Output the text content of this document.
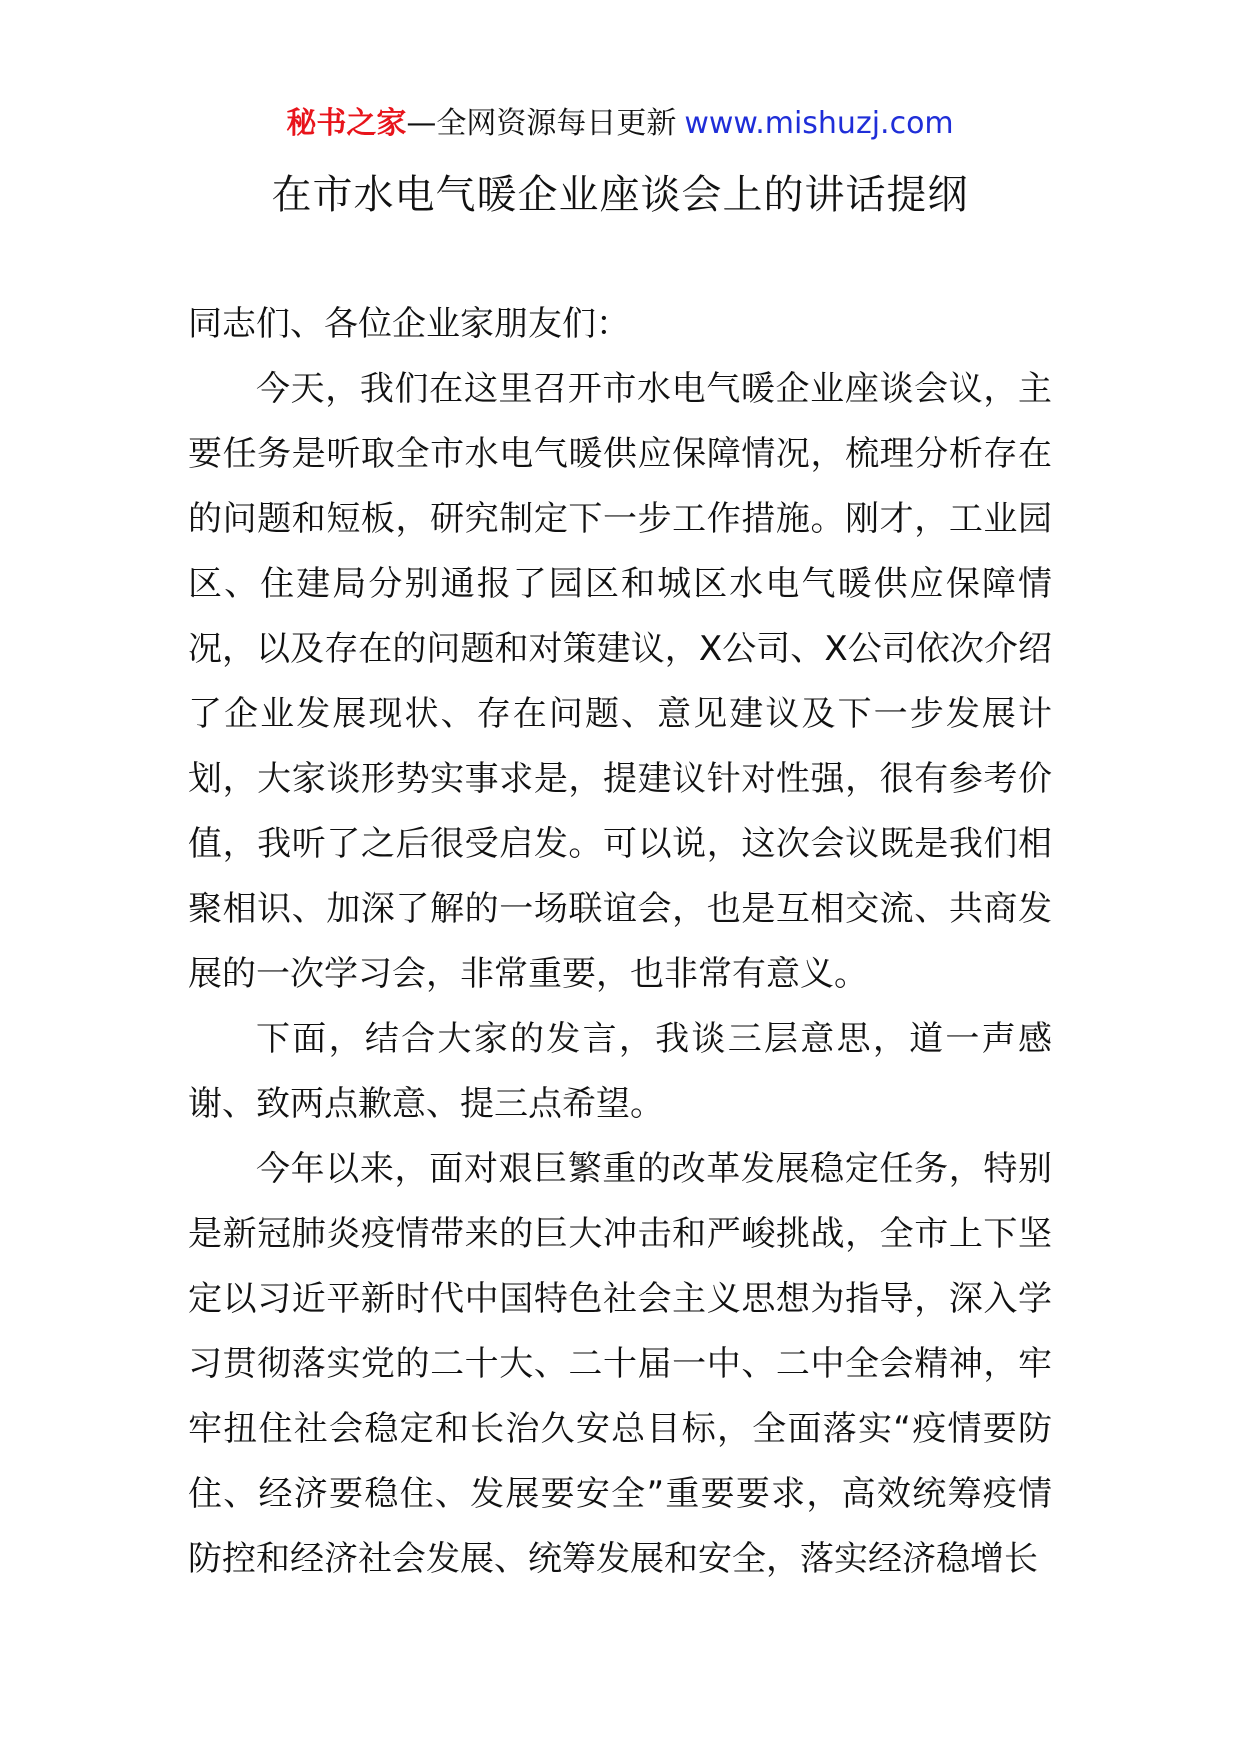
秘书之家—全网资源每日更新 www.mishuzj.com
在市水电气暖企业座谈会上的讲话提纲

同志们、各位企业家朋友们：

今天，我们在这里召开市水电气暖企业座谈会议，主要任务是听取全市水电气暖供应保障情况，梳理分析存在的问题和短板，研究制定下一步工作措施。刚才，工业园区、住建局分别通报了园区和城区水电气暖供应保障情况，以及存在的问题和对策建议，X公司、X公司依次介绍了企业发展现状、存在问题、意见建议及下一步发展计划，大家谈形势实事求是，提建议针对性强，很有参考价值，我听了之后很受启发。可以说，这次会议既是我们相聚相识、加深了解的一场联谊会，也是互相交流、共商发展的一次学习会，非常重要，也非常有意义。

下面，结合大家的发言，我谈三层意思，道一声感谢、致两点歉意、提三点希望。

今年以来，面对艰巨繁重的改革发展稳定任务，特别是新冠肺炎疫情带来的巨大冲击和严峻挑战，全市上下坚定以习近平新时代中国特色社会主义思想为指导，深入学习贯彻落实党的二十大、二十届一中、二中全会精神，牢牢扭住社会稳定和长治久安总目标，全面落实“疫情要防住、经济要稳住、发展要安全”重要要求，高效统筹疫情防控和经济社会发展、统筹发展和安全，落实经济稳增长
